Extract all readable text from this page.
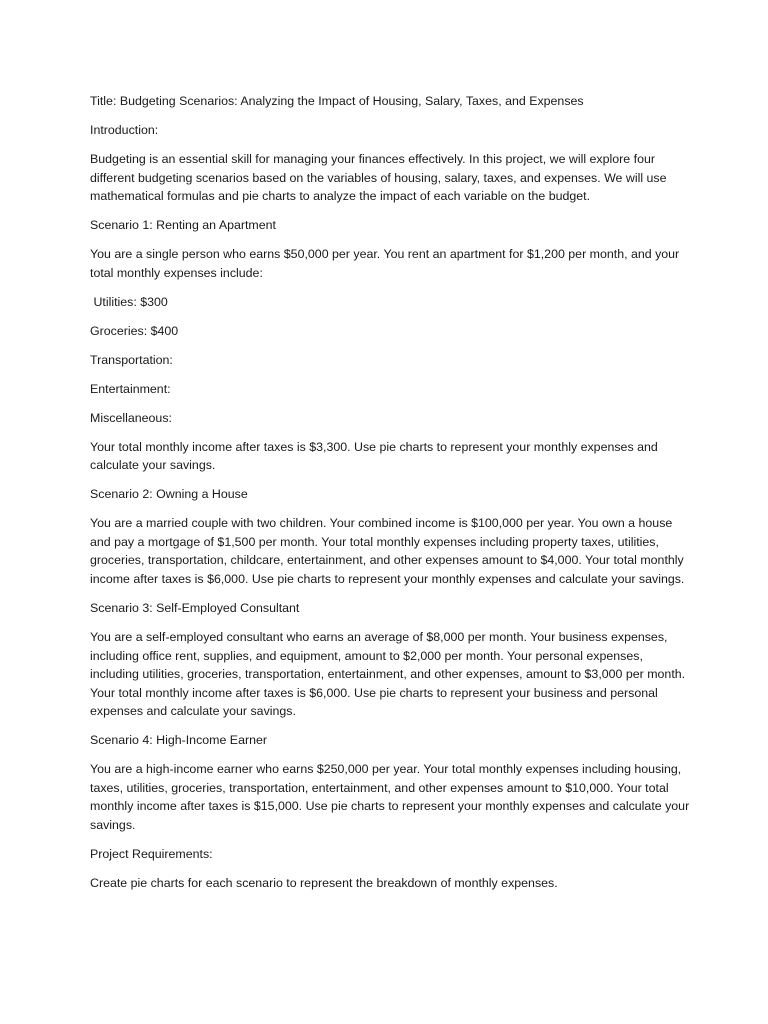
Title: Budgeting Scenarios: Analyzing the Impact of Housing, Salary, Taxes, and Expenses

Introduction:

Budgeting is an essential skill for managing your finances effectively. In this project, we will explore four different budgeting scenarios based on the variables of housing, salary, taxes, and expenses. We will use mathematical formulas and pie charts to analyze the impact of each variable on the budget.

Scenario 1: Renting an Apartment

You are a single person who earns $50,000 per year. You rent an apartment for $1,200 per month, and your total monthly expenses include:

Utilities: $300

Groceries: $400

Transportation:

Entertainment:

Miscellaneous:

Your total monthly income after taxes is $3,300. Use pie charts to represent your monthly expenses and calculate your savings.

Scenario 2: Owning a House

You are a married couple with two children. Your combined income is $100,000 per year. You own a house and pay a mortgage of $1,500 per month. Your total monthly expenses including property taxes, utilities, groceries, transportation, childcare, entertainment, and other expenses amount to $4,000. Your total monthly income after taxes is $6,000. Use pie charts to represent your monthly expenses and calculate your savings.

Scenario 3: Self-Employed Consultant

You are a self-employed consultant who earns an average of $8,000 per month. Your business expenses, including office rent, supplies, and equipment, amount to $2,000 per month. Your personal expenses, including utilities, groceries, transportation, entertainment, and other expenses, amount to $3,000 per month. Your total monthly income after taxes is $6,000. Use pie charts to represent your business and personal expenses and calculate your savings.

Scenario 4: High-Income Earner

You are a high-income earner who earns $250,000 per year. Your total monthly expenses including housing, taxes, utilities, groceries, transportation, entertainment, and other expenses amount to $10,000. Your total monthly income after taxes is $15,000. Use pie charts to represent your monthly expenses and calculate your savings.

Project Requirements:

Create pie charts for each scenario to represent the breakdown of monthly expenses.
